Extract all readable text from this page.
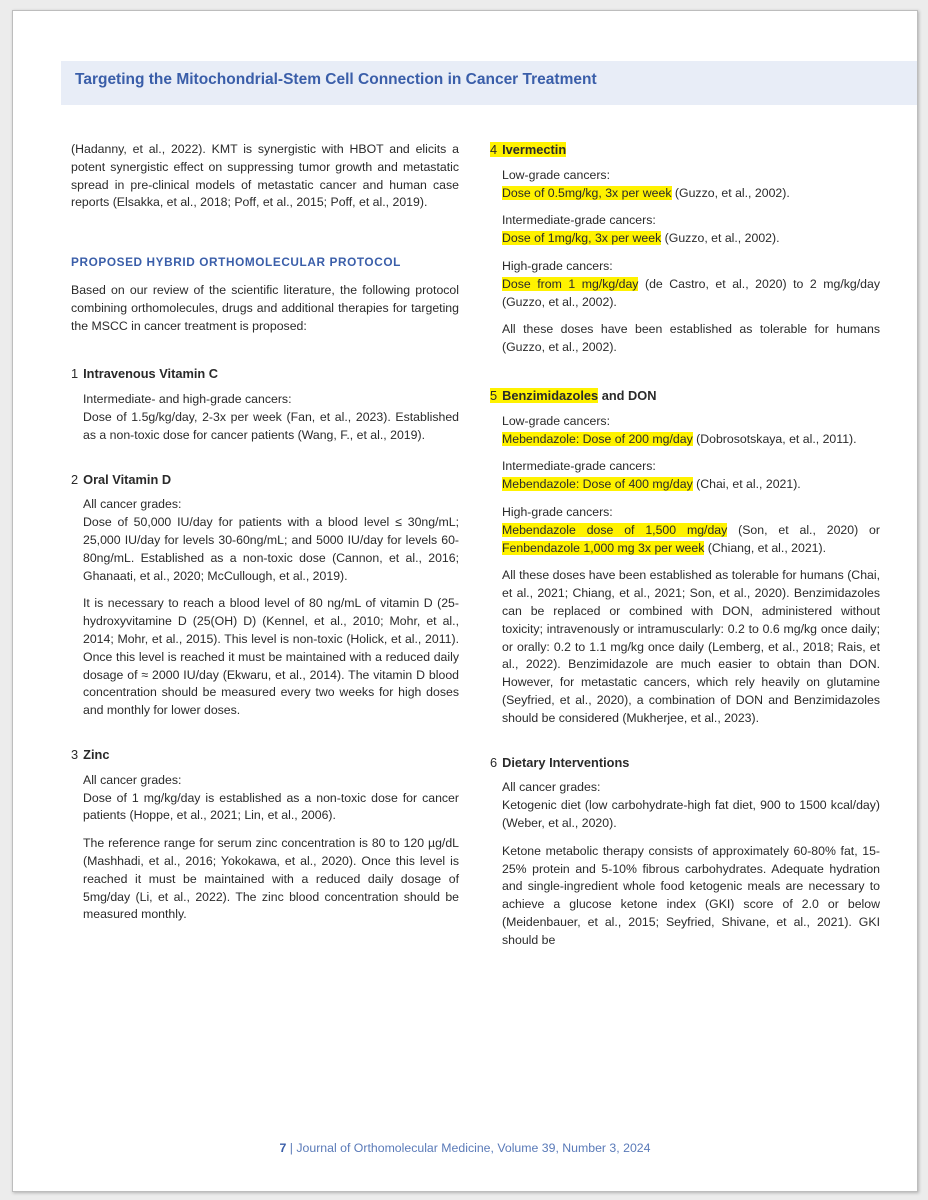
Targeting the Mitochondrial-Stem Cell Connection in Cancer Treatment

(Hadanny, et al., 2022). KMT is synergistic with HBOT and elicits a potent synergistic effect on suppressing tumor growth and metastatic spread in pre-clinical models of metastatic cancer and human case reports (Elsakka, et al., 2018; Poff, et al., 2015; Poff, et al., 2019).

PROPOSED HYBRID ORTHOMOLECULAR PROTOCOL

Based on our review of the scientific literature, the following protocol combining orthomolecules, drugs and additional therapies for targeting the MSCC in cancer treatment is proposed:

1 Intravenous Vitamin C
Intermediate- and high-grade cancers:
Dose of 1.5g/kg/day, 2-3x per week (Fan, et al., 2023). Established as a non-toxic dose for cancer patients (Wang, F., et al., 2019).
2 Oral Vitamin D
All cancer grades:
Dose of 50,000 IU/day for patients with a blood level ≤ 30ng/mL; 25,000 IU/day for levels 30-60ng/mL; and 5000 IU/day for levels 60-80ng/mL. Established as a non-toxic dose (Cannon, et al., 2016; Ghanaati, et al., 2020; McCullough, et al., 2019).

It is necessary to reach a blood level of 80 ng/mL of vitamin D (25-hydroxyvitamine D (25(OH) D) (Kennel, et al., 2010; Mohr, et al., 2014; Mohr, et al., 2015). This level is non-toxic (Holick, et al., 2011). Once this level is reached it must be maintained with a reduced daily dosage of ≈ 2000 IU/day (Ekwaru, et al., 2014). The vitamin D blood concentration should be measured every two weeks for high doses and monthly for lower doses.

3 Zinc
All cancer grades:
Dose of 1 mg/kg/day is established as a non-toxic dose for cancer patients (Hoppe, et al., 2021; Lin, et al., 2006).

The reference range for serum zinc concentration is 80 to 120 µg/dL (Mashhadi, et al., 2016; Yokokawa, et al., 2020). Once this level is reached it must be maintained with a reduced daily dosage of 5mg/day (Li, et al., 2022). The zinc blood concentration should be measured monthly.

4 Ivermectin
Low-grade cancers:
Dose of 0.5mg/kg, 3x per week (Guzzo, et al., 2002).
Intermediate-grade cancers:
Dose of 1mg/kg, 3x per week (Guzzo, et al., 2002).
High-grade cancers:
Dose from 1 mg/kg/day (de Castro, et al., 2020) to 2 mg/kg/day (Guzzo, et al., 2002).

All these doses have been established as tolerable for humans (Guzzo, et al., 2002).

5 Benzimidazoles and DON
Low-grade cancers:
Mebendazole: Dose of 200 mg/day (Dobrosotskaya, et al., 2011).
Intermediate-grade cancers:
Mebendazole: Dose of 400 mg/day (Chai, et al., 2021).
High-grade cancers:
Mebendazole dose of 1,500 mg/day (Son, et al., 2020) or Fenbendazole 1,000 mg 3x per week (Chiang, et al., 2021).

All these doses have been established as tolerable for humans (Chai, et al., 2021; Chiang, et al., 2021; Son, et al., 2020). Benzimidazoles can be replaced or combined with DON, administered without toxicity; intravenously or intramuscularly: 0.2 to 0.6 mg/kg once daily; or orally: 0.2 to 1.1 mg/kg once daily (Lemberg, et al., 2018; Rais, et al., 2022). Benzimidazole are much easier to obtain than DON. However, for metastatic cancers, which rely heavily on glutamine (Seyfried, et al., 2020), a combination of DON and Benzimidazoles should be considered (Mukherjee, et al., 2023).

6 Dietary Interventions
All cancer grades:
Ketogenic diet (low carbohydrate-high fat diet, 900 to 1500 kcal/day) (Weber, et al., 2020).

Ketone metabolic therapy consists of approximately 60-80% fat, 15-25% protein and 5-10% fibrous carbohydrates. Adequate hydration and single-ingredient whole food ketogenic meals are necessary to achieve a glucose ketone index (GKI) score of 2.0 or below (Meidenbauer, et al., 2015; Seyfried, Shivane, et al., 2021). GKI should be

7 | Journal of Orthomolecular Medicine, Volume 39, Number 3, 2024
